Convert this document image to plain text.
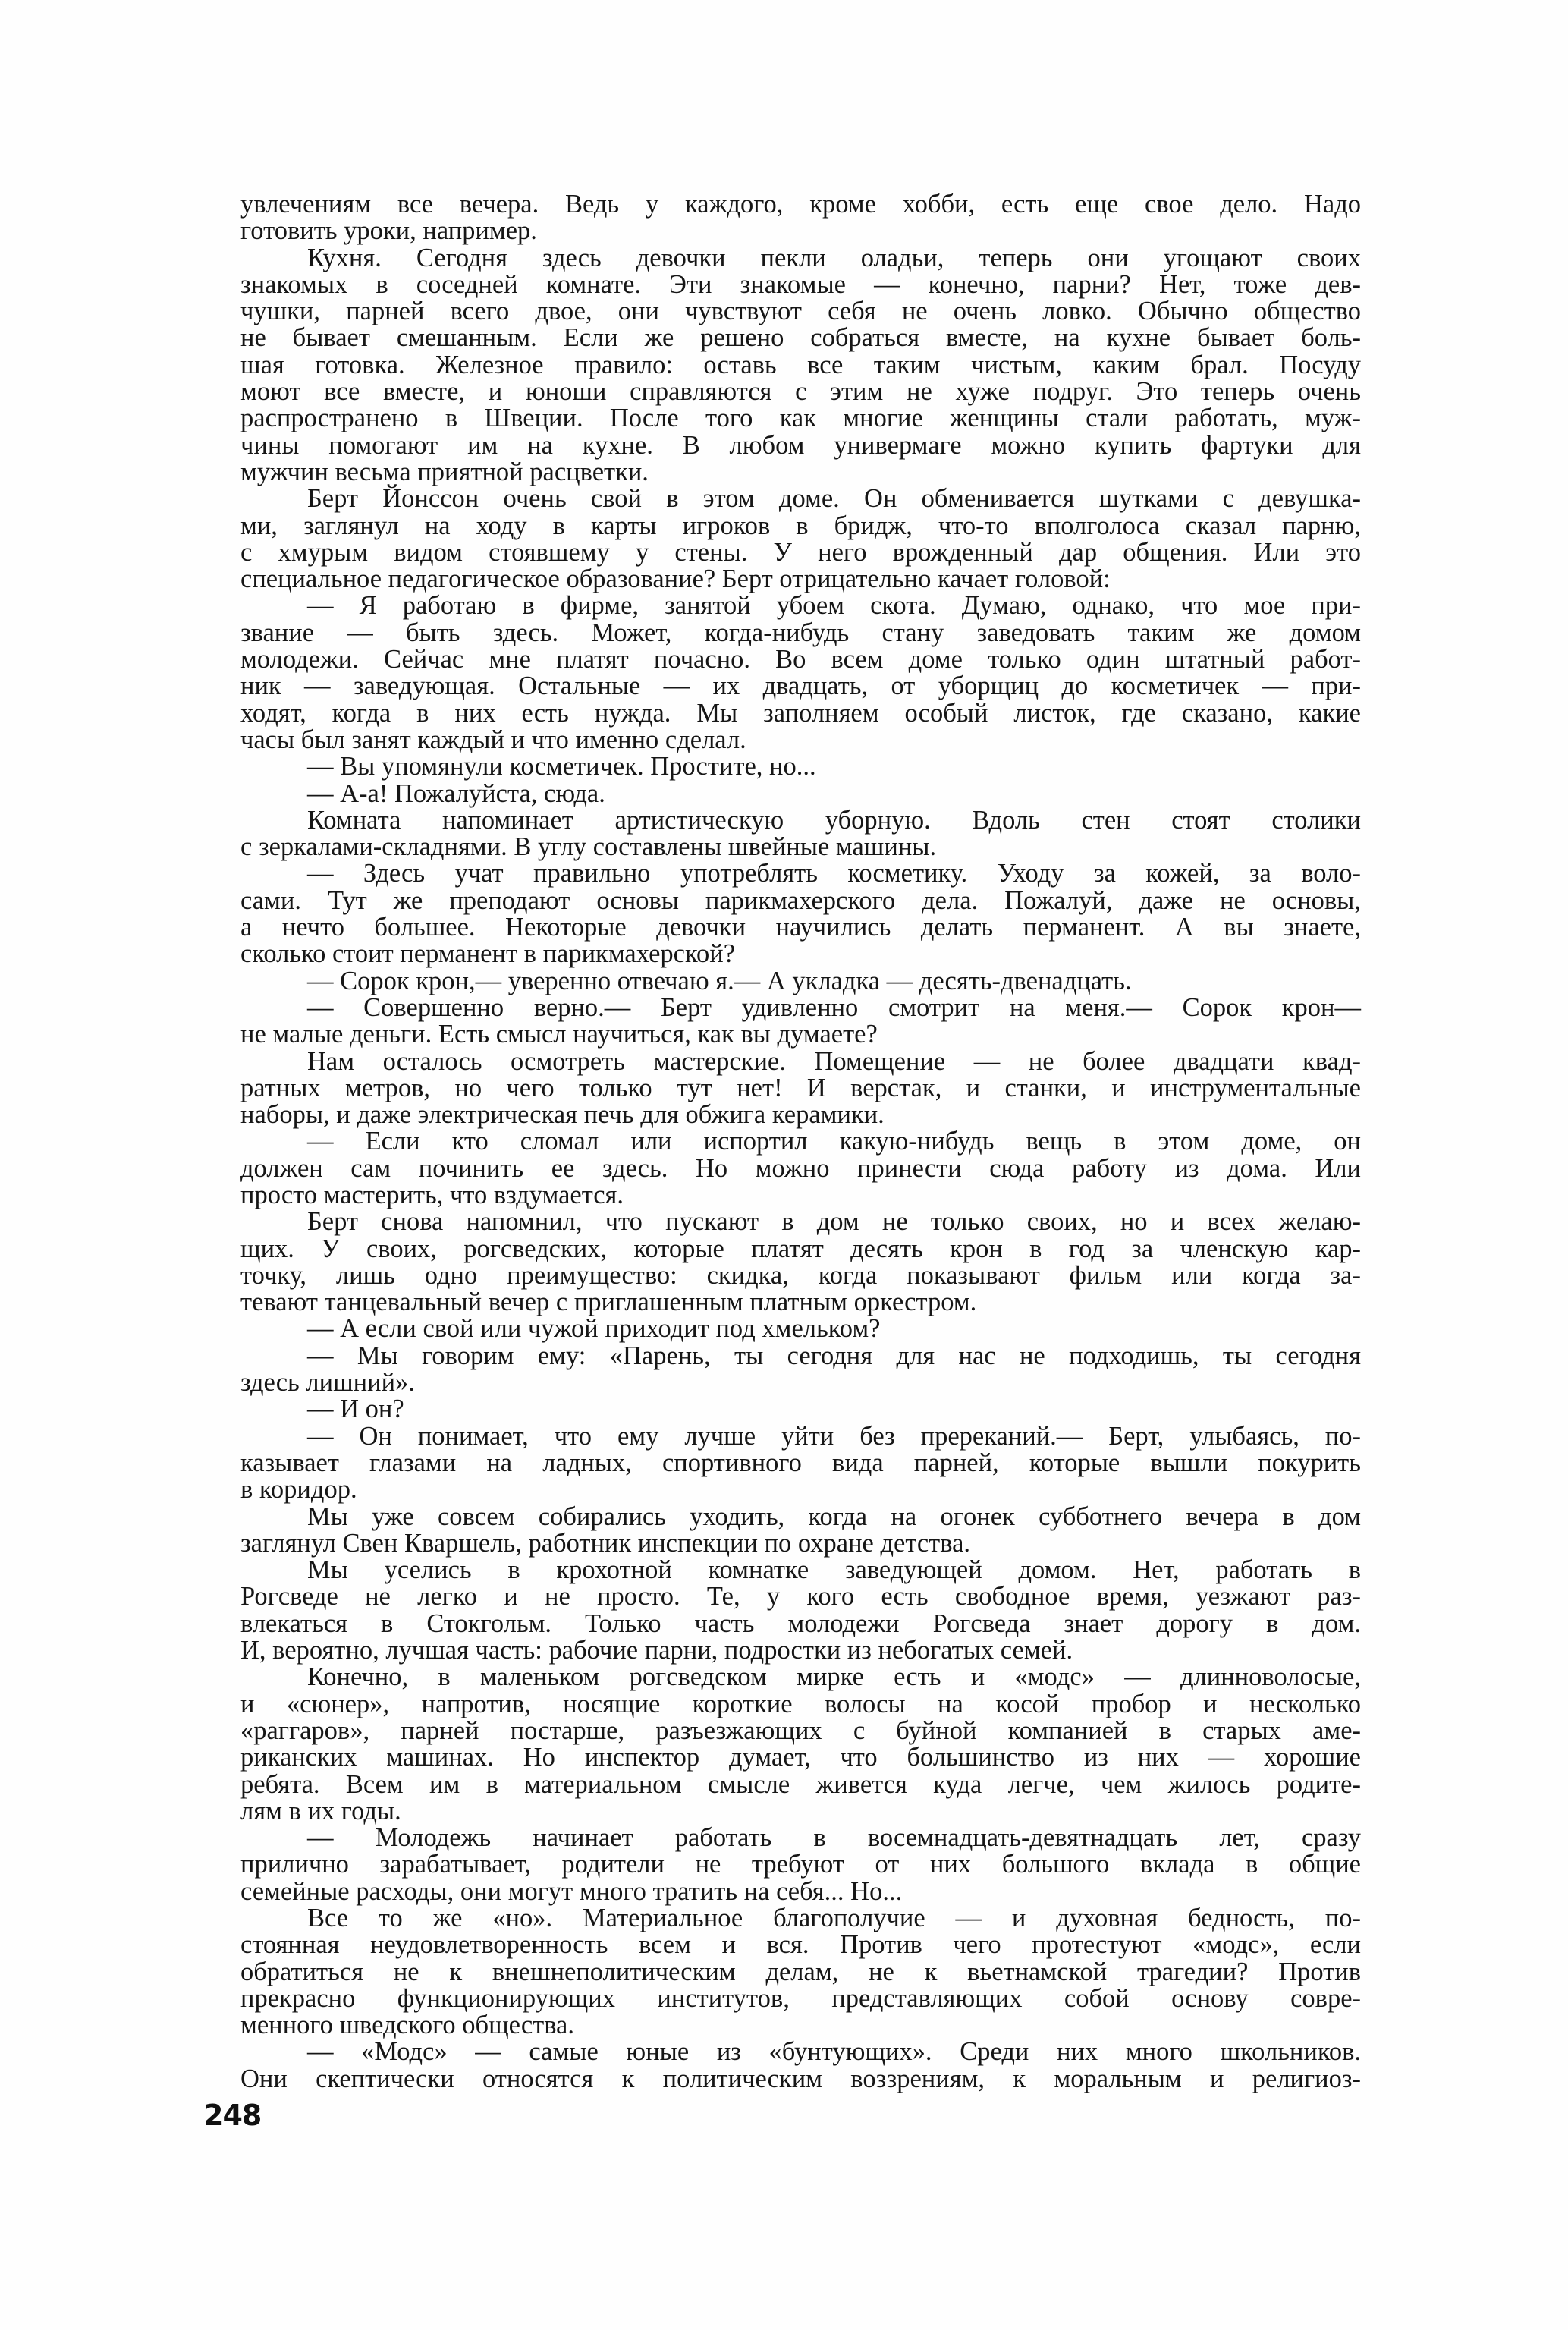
увлечениям все вечера. Ведь у каждого, кроме хобби, есть еще свое дело. Надо
готовить уроки, например.
Кухня. Сегодня здесь девочки пекли оладьи, теперь они угощают своих
знакомых в соседней комнате. Эти знакомые — конечно, парни? Нет, тоже дев-
чушки, парней всего двое, они чувствуют себя не очень ловко. Обычно общество
не бывает смешанным. Если же решено собраться вместе, на кухне бывает боль-
шая готовка. Железное правило: оставь все таким чистым, каким брал. Посуду
моют все вместе, и юноши справляются с этим не хуже подруг. Это теперь очень
распространено в Швеции. После того как многие женщины стали работать, муж-
чины помогают им на кухне. В любом универмаге можно купить фартуки для
мужчин весьма приятной расцветки.
Берт Йонссон очень свой в этом доме. Он обменивается шутками с девушка-
ми, заглянул на ходу в карты игроков в бридж, что-то вполголоса сказал парню,
с хмурым видом стоявшему у стены. У него врожденный дар общения. Или это
специальное педагогическое образование? Берт отрицательно качает головой:
— Я работаю в фирме, занятой убоем скота. Думаю, однако, что мое при-
звание — быть здесь. Может, когда-нибудь стану заведовать таким же домом
молодежи. Сейчас мне платят почасно. Во всем доме только один штатный работ-
ник — заведующая. Остальные — их двадцать, от уборщиц до косметичек — при-
ходят, когда в них есть нужда. Мы заполняем особый листок, где сказано, какие
часы был занят каждый и что именно сделал.
— Вы упомянули косметичек. Простите, но...
— А-а! Пожалуйста, сюда.
Комната напоминает артистическую уборную. Вдоль стен стоят столики
с зеркалами-складнями. В углу составлены швейные машины.
— Здесь учат правильно употреблять косметику. Уходу за кожей, за воло-
сами. Тут же преподают основы парикмахерского дела. Пожалуй, даже не основы,
а нечто большее. Некоторые девочки научились делать перманент. А вы знаете,
сколько стоит перманент в парикмахерской?
— Сорок крон,— уверенно отвечаю я.— А укладка — десять-двенадцать.
— Совершенно верно.— Берт удивленно смотрит на меня.— Сорок крон—
не малые деньги. Есть смысл научиться, как вы думаете?
Нам осталось осмотреть мастерские. Помещение — не более двадцати квад-
ратных метров, но чего только тут нет! И верстак, и станки, и инструментальные
наборы, и даже электрическая печь для обжига керамики.
— Если кто сломал или испортил какую-нибудь вещь в этом доме, он
должен сам починить ее здесь. Но можно принести сюда работу из дома. Или
просто мастерить, что вздумается.
Берт снова напомнил, что пускают в дом не только своих, но и всех желаю-
щих. У своих, рогсведских, которые платят десять крон в год за членскую кар-
точку, лишь одно преимущество: скидка, когда показывают фильм или когда за-
тевают танцевальный вечер с приглашенным платным оркестром.
— А если свой или чужой приходит под хмельком?
— Мы говорим ему: «Парень, ты сегодня для нас не подходишь, ты сегодня
здесь лишний».
— И он?
— Он понимает, что ему лучше уйти без пререканий.— Берт, улыбаясь, по-
казывает глазами на ладных, спортивного вида парней, которые вышли покурить
в коридор.
Мы уже совсем собирались уходить, когда на огонек субботнего вечера в дом
заглянул Свен Кваршель, работник инспекции по охране детства.
Мы уселись в крохотной комнатке заведующей домом. Нет, работать в
Рогсведе не легко и не просто. Те, у кого есть свободное время, уезжают раз-
влекаться в Стокгольм. Только часть молодежи Рогсведа знает дорогу в дом.
И, вероятно, лучшая часть: рабочие парни, подростки из небогатых семей.
Конечно, в маленьком рогсведском мирке есть и «модс» — длинноволосые,
и «сюнер», напротив, носящие короткие волосы на косой пробор и несколько
«раггаров», парней постарше, разъезжающих с буйной компанией в старых аме-
риканских машинах. Но инспектор думает, что большинство из них — хорошие
ребята. Всем им в материальном смысле живется куда легче, чем жилось родите-
лям в их годы.
— Молодежь начинает работать в восемнадцать-девятнадцать лет, сразу
прилично зарабатывает, родители не требуют от них большого вклада в общие
семейные расходы, они могут много тратить на себя... Но...
Все то же «но». Материальное благополучие — и духовная бедность, по-
стоянная неудовлетворенность всем и вся. Против чего протестуют «модс», если
обратиться не к внешнеполитическим делам, не к вьетнамской трагедии? Против
прекрасно функционирующих институтов, представляющих собой основу совре-
менного шведского общества.
— «Модс» — самые юные из «бунтующих». Среди них много школьников.
Они скептически относятся к политическим воззрениям, к моральным и религиоз-
248
